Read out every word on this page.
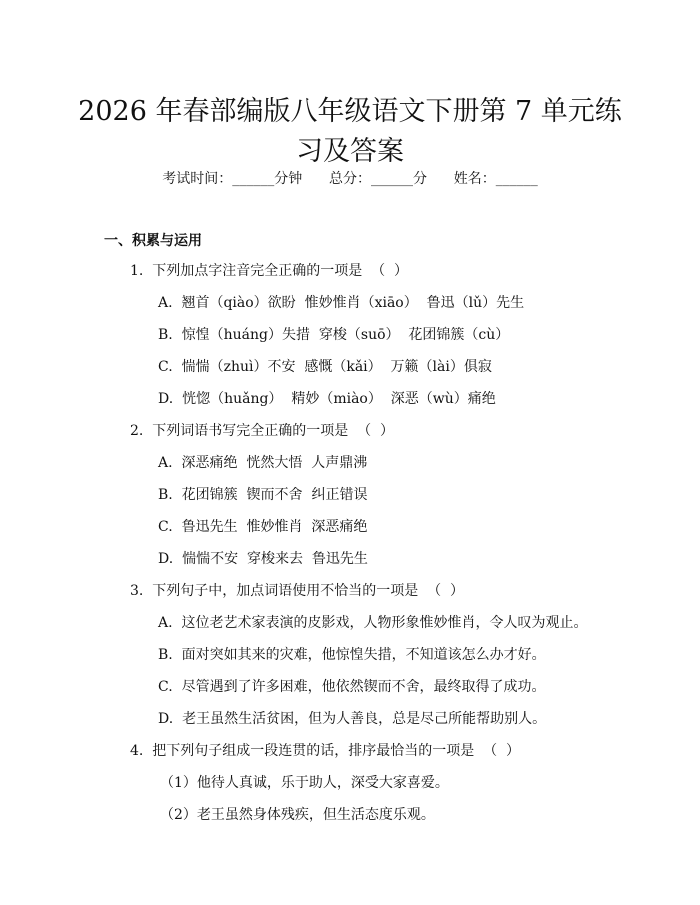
2026 年春部编版八年级语文下册第 7 单元练
习及答案
考试时间：______分钟      总分：______分      姓名：______
一、积累与运用
1.  下列加点字注音完全正确的一项是  （  ）
A.  翘首（qiào）欲盼  惟妙惟肖（xiāo）  鲁迅（lǔ）先生
B.  惊惶（huáng）失措  穿梭（suō）  花团锦簇（cù）
C.  惴惴（zhuì）不安  感慨（kǎi）  万籁（lài）俱寂
D.  恍惚（huǎng）  精妙（miào）  深恶（wù）痛绝
2.  下列词语书写完全正确的一项是  （  ）
A.  深恶痛绝  恍然大悟  人声鼎沸
B.  花团锦簇  锲而不舍  纠正错误
C.  鲁迅先生  惟妙惟肖  深恶痛绝
D.  惴惴不安  穿梭来去  鲁迅先生
3.  下列句子中，加点词语使用不恰当的一项是  （  ）
A.  这位老艺术家表演的皮影戏，人物形象惟妙惟肖，令人叹为观止。
B.  面对突如其来的灾难，他惊惶失措，不知道该怎么办才好。
C.  尽管遇到了许多困难，他依然锲而不舍，最终取得了成功。
D.  老王虽然生活贫困，但为人善良，总是尽己所能帮助别人。
4.  把下列句子组成一段连贯的话，排序最恰当的一项是  （  ）
（1）他待人真诚，乐于助人，深受大家喜爱。
（2）老王虽然身体残疾，但生活态度乐观。
